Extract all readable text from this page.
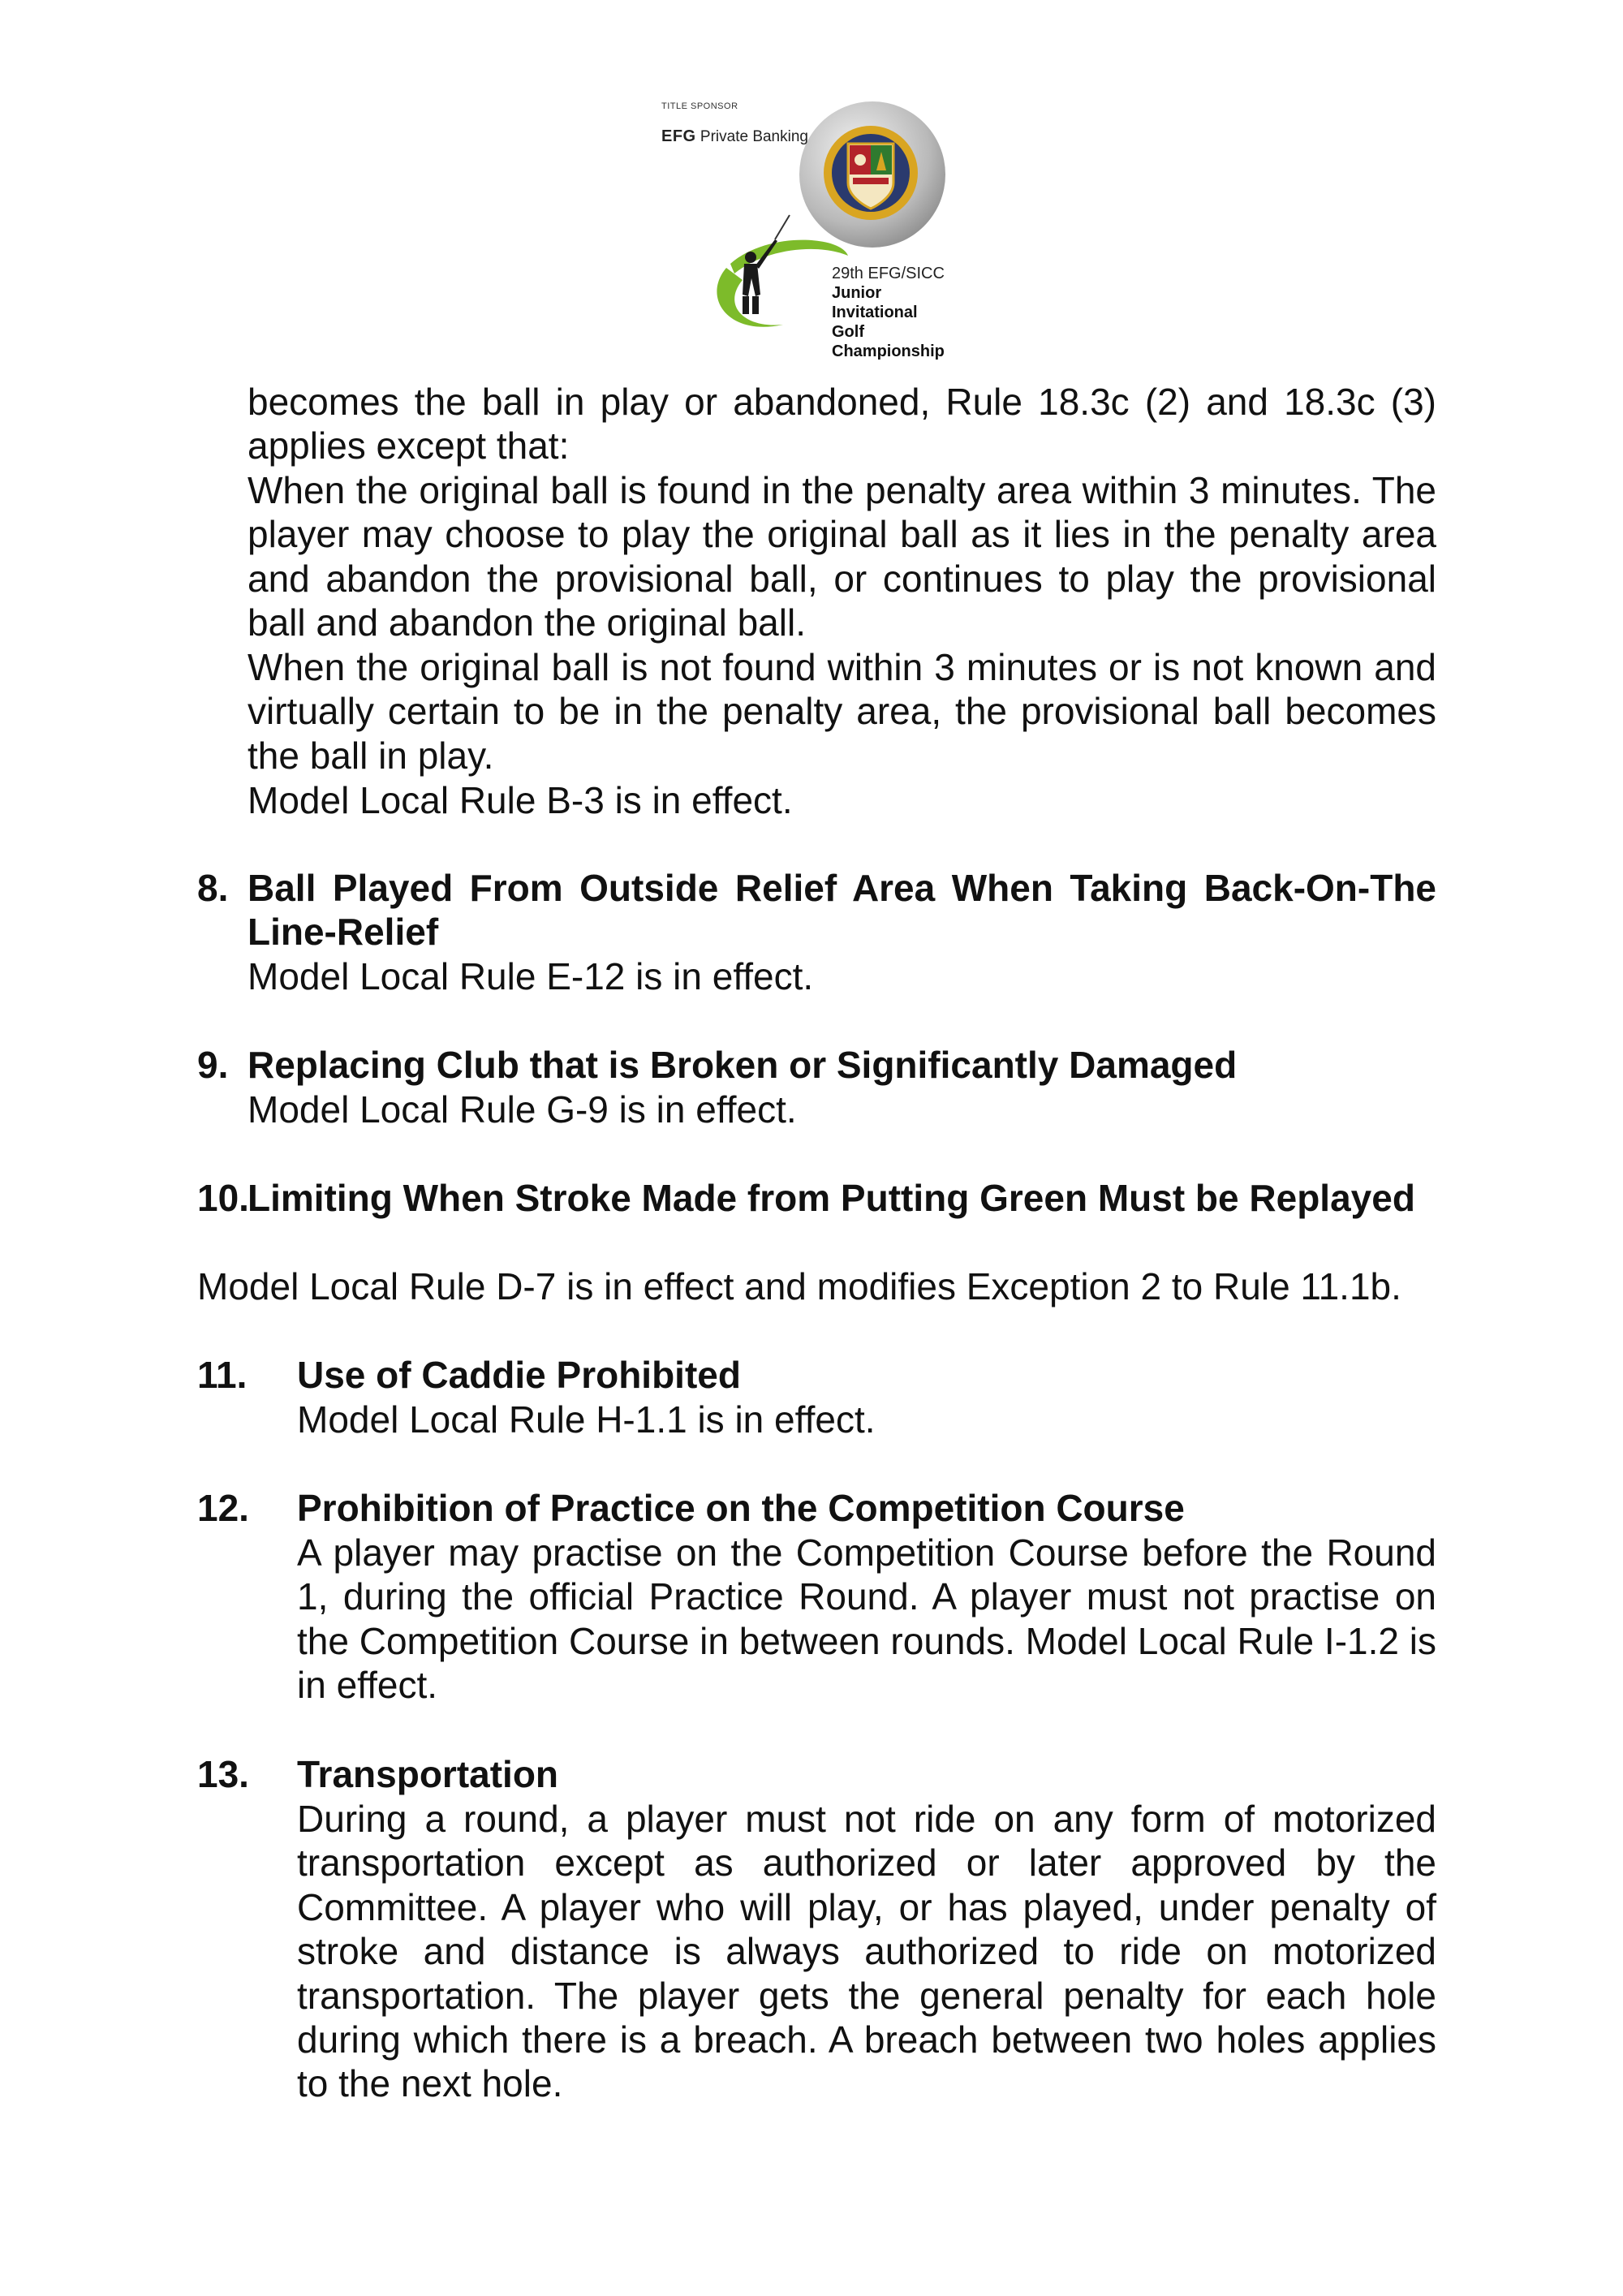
TITLE SPONSOR
EFG Private Banking
29th EFG/SICC
Junior Invitational
Golf Championship

becomes the ball in play or abandoned, Rule 18.3c (2) and 18.3c (3) applies except that:

When the original ball is found in the penalty area within 3 minutes. The player may choose to play the original ball as it lies in the penalty area and abandon the provisional ball, or continues to play the provisional ball and abandon the original ball.

When the original ball is not found within 3 minutes or is not known and virtually certain to be in the penalty area, the provisional ball becomes the ball in play.

Model Local Rule B-3 is in effect.

8. Ball Played From Outside Relief Area When Taking Back-On-The Line-Relief

Model Local Rule E-12 is in effect.

9. Replacing Club that is Broken or Significantly Damaged

Model Local Rule G-9 is in effect.

10.Limiting When Stroke Made from Putting Green Must be Replayed

Model Local Rule D-7 is in effect and modifies Exception 2 to Rule 11.1b.

11. Use of Caddie Prohibited

Model Local Rule H-1.1 is in effect.

12. Prohibition of Practice on the Competition Course

A player may practise on the Competition Course before the Round 1, during the official Practice Round. A player must not practise on the Competition Course in between rounds. Model Local Rule I-1.2 is in effect.

13. Transportation

During a round, a player must not ride on any form of motorized transportation except as authorized or later approved by the Committee. A player who will play, or has played, under penalty of stroke and distance is always authorized to ride on motorized transportation. The player gets the general penalty for each hole during which there is a breach. A breach between two holes applies to the next hole.
